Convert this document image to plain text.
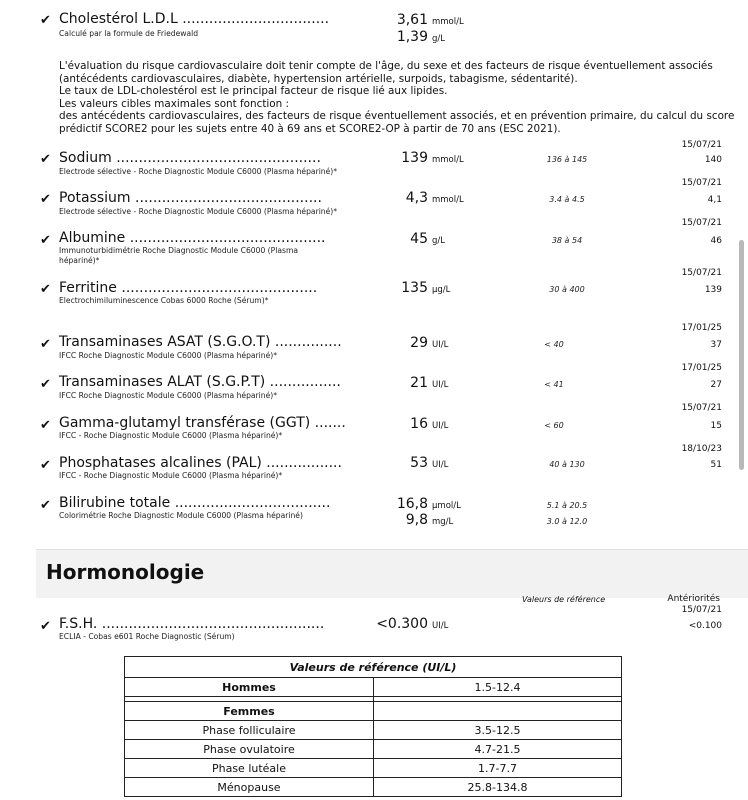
✔ Cholestérol L.D.L .................................
Calculé par la formule de Friedewald
3,61 mmol/L
1,39 g/L
L'évaluation du risque cardiovasculaire doit tenir compte de l'âge, du sexe et des facteurs de risque éventuellement associés
(antécédents cardiovasculaires, diabète, hypertension artérielle, surpoids, tabagisme, sédentarité).
Le taux de LDL-cholestérol est le principal facteur de risque lié aux lipides.
Les valeurs cibles maximales sont fonction :
des antécédents cardiovasculaires, des facteurs de risque éventuellement associés, et en prévention primaire, du calcul du score
prédictif SCORE2 pour les sujets entre 40 à 69 ans et SCORE2-OP à partir de 70 ans (ESC 2021).
15/07/21
✔ Sodium ..............................................
Electrode sélective - Roche Diagnostic Module C6000 (Plasma hépariné)*
139 mmol/L	136 à 145	140
15/07/21
✔ Potassium ..........................................
Electrode sélective - Roche Diagnostic Module C6000 (Plasma hépariné)*
4,3 mmol/L	3.4 à 4.5	4,1
15/07/21
✔ Albumine ............................................
Immunoturbidimétrie Roche Diagnostic Module C6000 (Plasma
hépariné)*
45 g/L	38 à 54	46
15/07/21
✔ Ferritine ............................................
Electrochimiluminescence Cobas 6000 Roche (Sérum)*
135 µg/L	30 à 400	139
17/01/25
✔ Transaminases ASAT (S.G.O.T) ...............
IFCC Roche Diagnostic Module C6000 (Plasma hépariné)*
29 UI/L	< 40	37
17/01/25
✔ Transaminases ALAT (S.G.P.T) ................
IFCC Roche Diagnostic Module C6000 (Plasma hépariné)*
21 UI/L	< 41	27
15/07/21
✔ Gamma-glutamyl transférase (GGT) .......
IFCC - Roche Diagnostic Module C6000 (Plasma hépariné)*
16 UI/L	< 60	15
18/10/23
✔ Phosphatases alcalines (PAL) .................
IFCC - Roche Diagnostic Module C6000 (Plasma hépariné)*
53 UI/L	40 à 130	51
✔ Bilirubine totale ...................................
Colorimétrie Roche Diagnostic Module C6000 (Plasma hépariné)
16,8 µmol/L	5.1 à 20.5
9,8 mg/L	3.0 à 12.0
Hormonologie
Valeurs de référence	Antériorités
15/07/21
✔ F.S.H. ..................................................
ECLIA - Cobas e601 Roche Diagnostic (Sérum)
<0.300 UI/L	<0.100
Valeurs de référence (UI/L)	
Hommes	1.5-12.4

Femmes	
Phase folliculaire	3.5-12.5
Phase ovulatoire	4.7-21.5
Phase lutéale	1.7-7.7
Ménopause	25.8-134.8
